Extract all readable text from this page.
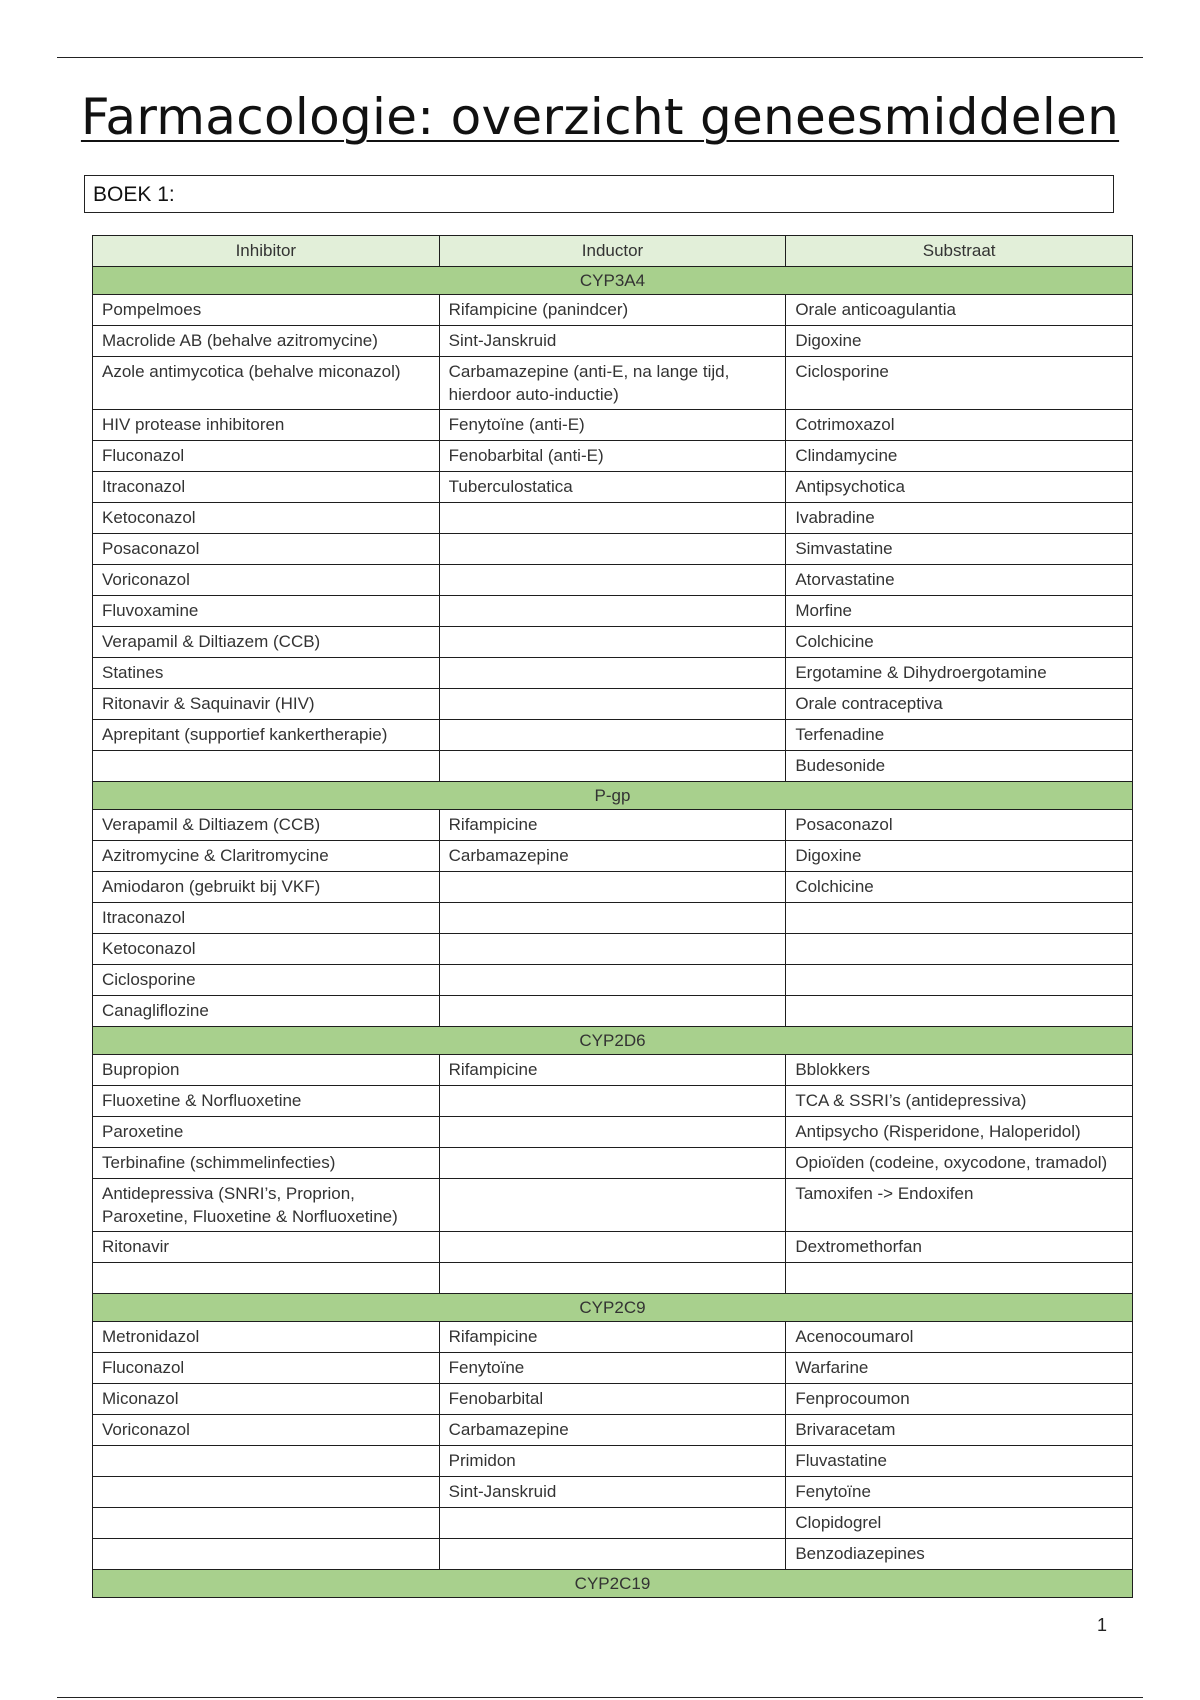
Farmacologie: overzicht geneesmiddelen
BOEK 1:
Inhibitor	Inductor	Substraat
CYP3A4		
Pompelmoes	Rifampicine (panindcer)	Orale anticoagulantia
Macrolide AB (behalve azitromycine)	Sint-Janskruid	Digoxine
Azole antimycotica (behalve miconazol)	Carbamazepine (anti-E, na lange tijd, hierdoor auto-inductie)	Ciclosporine
HIV protease inhibitoren	Fenytoïne (anti-E)	Cotrimoxazol
Fluconazol	Fenobarbital (anti-E)	Clindamycine
Itraconazol	Tuberculostatica	Antipsychotica
Ketoconazol		Ivabradine
Posaconazol		Simvastatine
Voriconazol		Atorvastatine
Fluvoxamine		Morfine
Verapamil & Diltiazem (CCB)		Colchicine
Statines		Ergotamine & Dihydroergotamine
Ritonavir & Saquinavir (HIV)		Orale contraceptiva
Aprepitant (supportief kankertherapie)		Terfenadine
		Budesonide
P-gp		
Verapamil & Diltiazem (CCB)	Rifampicine	Posaconazol
Azitromycine & Claritromycine	Carbamazepine	Digoxine
Amiodaron (gebruikt bij VKF)		Colchicine
Itraconazol		
Ketoconazol		
Ciclosporine		
Canagliflozine		
CYP2D6		
Bupropion	Rifampicine	Bblokkers
Fluoxetine & Norfluoxetine		TCA & SSRI’s (antidepressiva)
Paroxetine		Antipsycho (Risperidone, Haloperidol)
Terbinafine (schimmelinfecties)		Opioïden (codeine, oxycodone, tramadol)
Antidepressiva (SNRI’s, Proprion, Paroxetine, Fluoxetine & Norfluoxetine)		Tamoxifen -> Endoxifen
Ritonavir		Dextromethorfan

CYP2C9		
Metronidazol	Rifampicine	Acenocoumarol
Fluconazol	Fenytoïne	Warfarine
Miconazol	Fenobarbital	Fenprocoumon
Voriconazol	Carbamazepine	Brivaracetam
	Primidon	Fluvastatine
	Sint-Janskruid	Fenytoïne
		Clopidogrel
		Benzodiazepines
CYP2C19		
1
